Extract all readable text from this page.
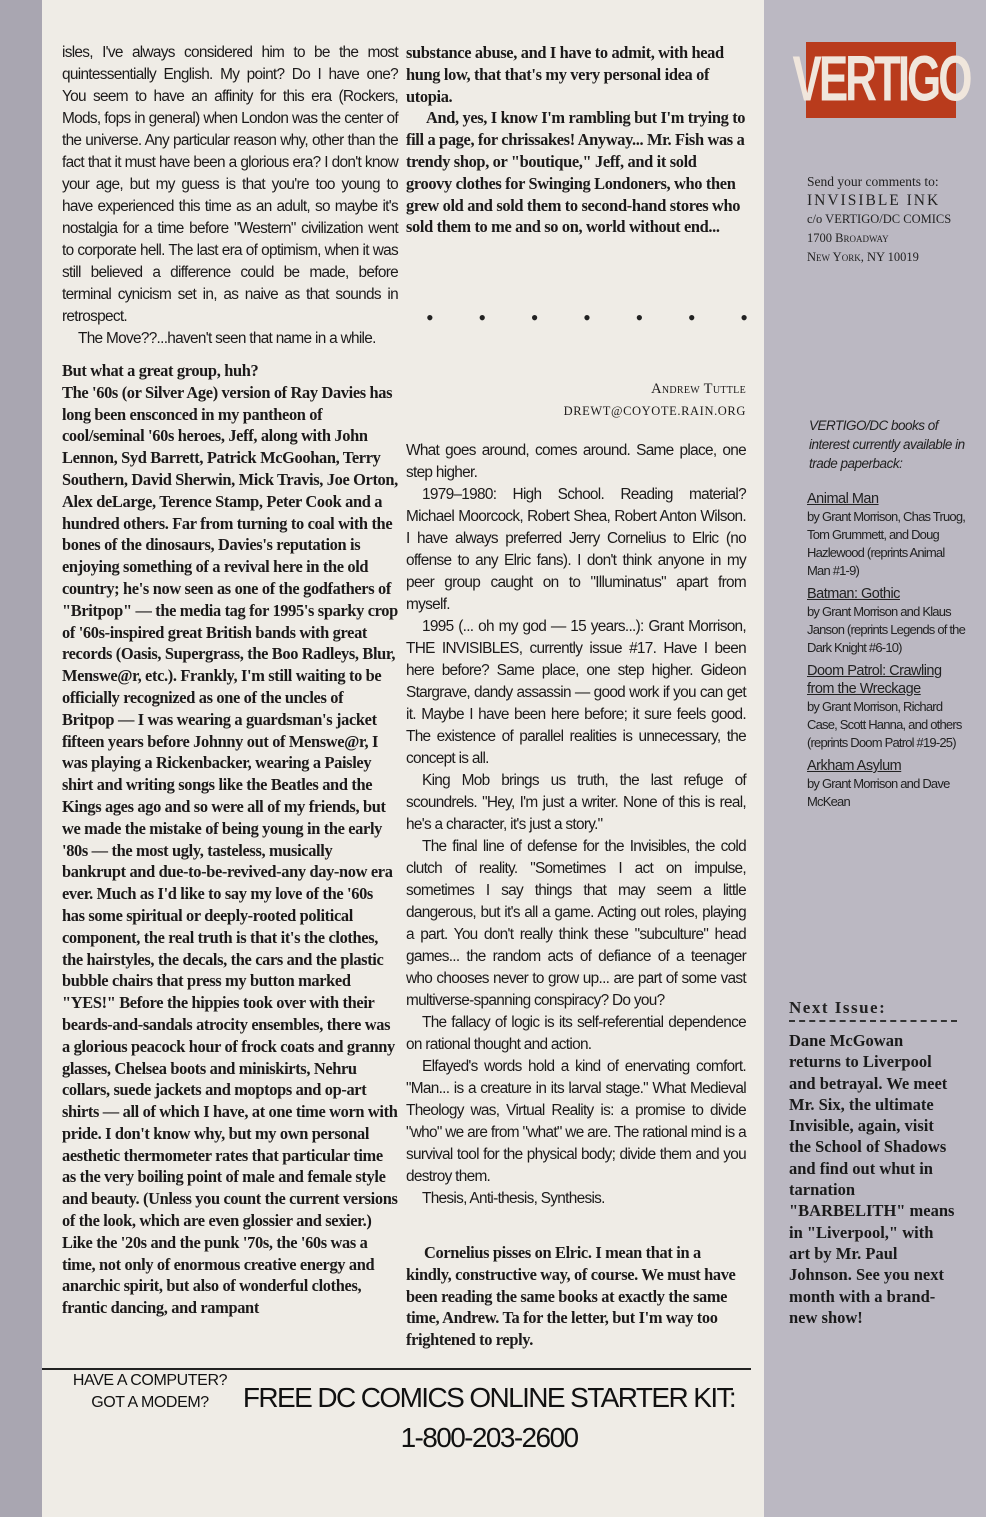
isles, I've always considered him to be the most quintessentially English. My point? Do I have one? You seem to have an affinity for this era (Rockers, Mods, fops in general) when London was the center of the universe. Any particular reason why, other than the fact that it must have been a glorious era? I don't know your age, but my guess is that you're too young to have experienced this time as an adult, so maybe it's nostalgia for a time before "Western" civilization went to corporate hell. The last era of optimism, when it was still believed a difference could be made, before terminal cynicism set in, as naive as that sounds in retrospect.

The Move??...haven't seen that name in a while.

But what a great group, huh?

The '60s (or Silver Age) version of Ray Davies has long been ensconced in my pantheon of cool/seminal '60s heroes, Jeff, along with John Lennon, Syd Barrett, Patrick McGoohan, Terry Southern, David Sherwin, Mick Travis, Joe Orton, Alex deLarge, Terence Stamp, Peter Cook and a hundred others. Far from turning to coal with the bones of the dinosaurs, Davies's reputation is enjoying something of a revival here in the old country; he's now seen as one of the godfathers of "Britpop" — the media tag for 1995's sparky crop of '60s-inspired great British bands with great records (Oasis, Supergrass, the Boo Radleys, Blur, Menswe@r, etc.). Frankly, I'm still waiting to be officially recognized as one of the uncles of Britpop — I was wearing a guardsman's jacket fifteen years before Johnny out of Menswe@r, I was playing a Rickenbacker, wearing a Paisley shirt and writing songs like the Beatles and the Kings ages ago and so were all of my friends, but we made the mistake of being young in the early '80s — the most ugly, tasteless, musically bankrupt and due-to-be-revived-any day-now era ever. Much as I'd like to say my love of the '60s has some spiritual or deeply-rooted political component, the real truth is that it's the clothes, the hairstyles, the decals, the cars and the plastic bubble chairs that press my button marked "YES!" Before the hippies took over with their beards-and-sandals atrocity ensembles, there was a glorious peacock hour of frock coats and granny glasses, Chelsea boots and miniskirts, Nehru collars, suede jackets and moptops and op-art shirts — all of which I have, at one time worn with pride. I don't know why, but my own personal aesthetic thermometer rates that particular time as the very boiling point of male and female style and beauty. (Unless you count the current versions of the look, which are even glossier and sexier.) Like the '20s and the punk '70s, the '60s was a time, not only of enormous creative energy and anarchic spirit, but also of wonderful clothes, frantic dancing, and rampant

substance abuse, and I have to admit, with head hung low, that that's my very personal idea of utopia.

And, yes, I know I'm rambling but I'm trying to fill a page, for chrissakes! Anyway... Mr. Fish was a trendy shop, or "boutique," Jeff, and it sold groovy clothes for Swinging Londoners, who then grew old and sold them to second-hand stores who sold them to me and so on, world without end...

• • • • • • •
Andrew Tuttle
DREWT@COYOTE.RAIN.ORG

What goes around, comes around. Same place, one step higher.

1979–1980: High School. Reading material? Michael Moorcock, Robert Shea, Robert Anton Wilson. I have always preferred Jerry Cornelius to Elric (no offense to any Elric fans). I don't think anyone in my peer group caught on to "Illuminatus" apart from myself.

1995 (... oh my god — 15 years...): Grant Morrison, THE INVISIBLES, currently issue #17. Have I been here before? Same place, one step higher. Gideon Stargrave, dandy assassin — good work if you can get it. Maybe I have been here before; it sure feels good. The existence of parallel realities is unnecessary, the concept is all.

King Mob brings us truth, the last refuge of scoundrels. "Hey, I'm just a writer. None of this is real, he's a character, it's just a story."

The final line of defense for the Invisibles, the cold clutch of reality. "Sometimes I act on impulse, sometimes I say things that may seem a little dangerous, but it's all a game. Acting out roles, playing a part. You don't really think these "subculture" head games... the random acts of defiance of a teenager who chooses never to grow up... are part of some vast multiverse-spanning conspiracy? Do you?

The fallacy of logic is its self-referential dependence on rational thought and action.

Elfayed's words hold a kind of enervating comfort. "Man... is a creature in its larval stage." What Medieval Theology was, Virtual Reality is: a promise to divide "who" we are from "what" we are. The rational mind is a survival tool for the physical body; divide them and you destroy them.

Thesis, Anti-thesis, Synthesis.

Cornelius pisses on Elric. I mean that in a kindly, constructive way, of course. We must have been reading the same books at exactly the same time, Andrew. Ta for the letter, but I'm way too frightened to reply.

HAVE A COMPUTER?
GOT A MODEM?	FREE DC COMICS ONLINE STARTER KIT: 1-800-203-2600
VERTIGO
Send your comments to:
INVISIBLE INK
c/o VERTIGO/DC COMICS
1700 Broadway
New York, NY 10019
VERTIGO/DC books of interest currently available in trade paperback:
Animal Man
by Grant Morrison, Chas Truog, Tom Grummett, and Doug Hazlewood (reprints Animal Man #1-9)
Batman: Gothic
by Grant Morrison and Klaus Janson (reprints Legends of the Dark Knight #6-10)
Doom Patrol: Crawling from the Wreckage
by Grant Morrison, Richard Case, Scott Hanna, and others (reprints Doom Patrol #19-25)
Arkham Asylum
by Grant Morrison and Dave McKean
Next Issue:
Dane McGowan returns to Liverpool and betrayal. We meet Mr. Six, the ultimate Invisible, again, visit the School of Shadows and find out whut in tarnation "BARBELITH" means in "Liverpool," with art by Mr. Paul Johnson. See you next month with a brand-new show!
